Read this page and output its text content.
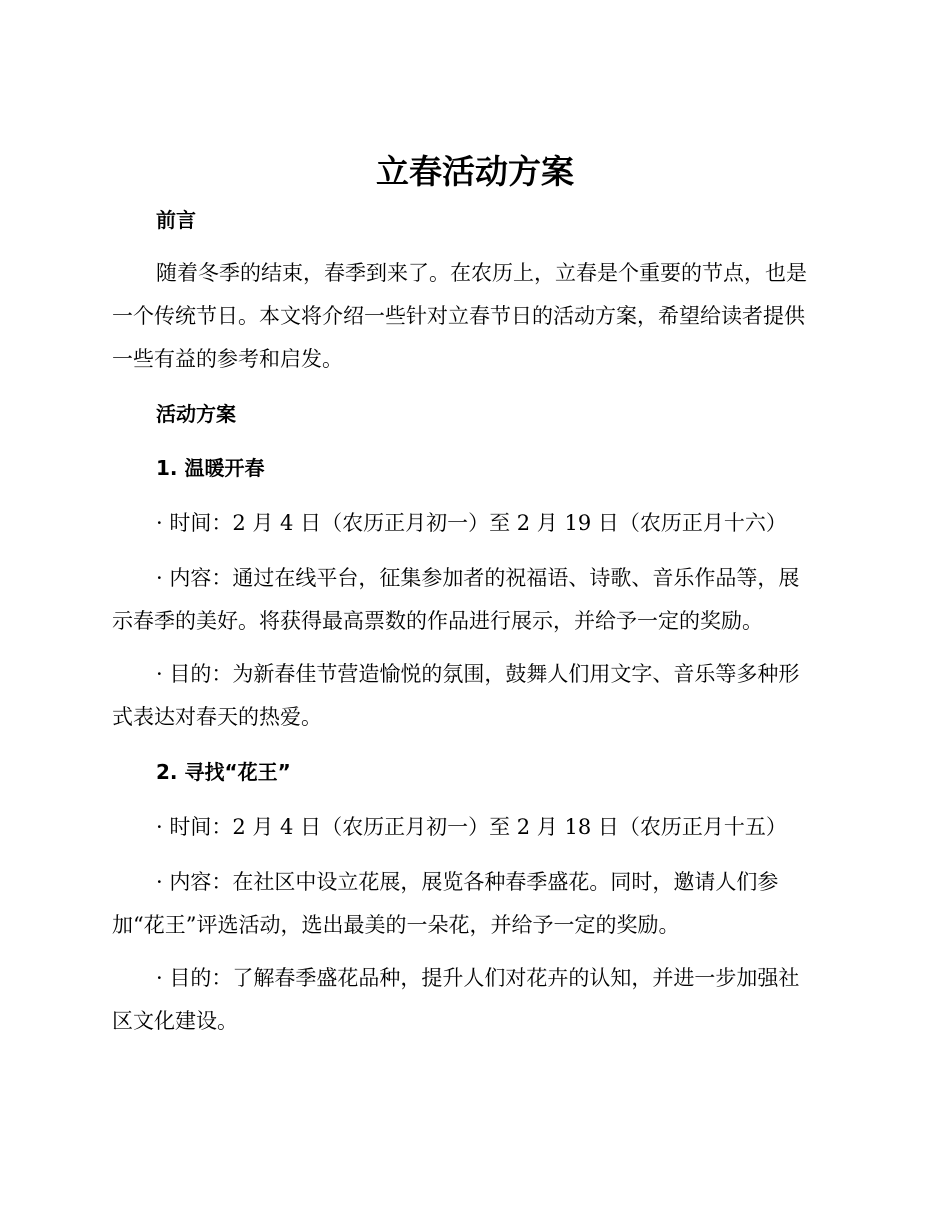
立春活动方案
前言

随着冬季的结束，春季到来了。在农历上，立春是个重要的节点，也是
一个传统节日。本文将介绍一些针对立春节日的活动方案，希望给读者提供
一些有益的参考和启发。

活动方案
1. 温暖开春

· 时间：2 月 4 日（农历正月初一）至 2 月 19 日（农历正月十六）

· 内容：通过在线平台，征集参加者的祝福语、诗歌、音乐作品等，展
示春季的美好。将获得最高票数的作品进行展示，并给予一定的奖励。

· 目的：为新春佳节营造愉悦的氛围，鼓舞人们用文字、音乐等多种形
式表达对春天的热爱。

2. 寻找“花王”

· 时间：2 月 4 日（农历正月初一）至 2 月 18 日（农历正月十五）

· 内容：在社区中设立花展，展览各种春季盛花。同时，邀请人们参
加“花王”评选活动，选出最美的一朵花，并给予一定的奖励。

· 目的：了解春季盛花品种，提升人们对花卉的认知，并进一步加强社
区文化建设。
